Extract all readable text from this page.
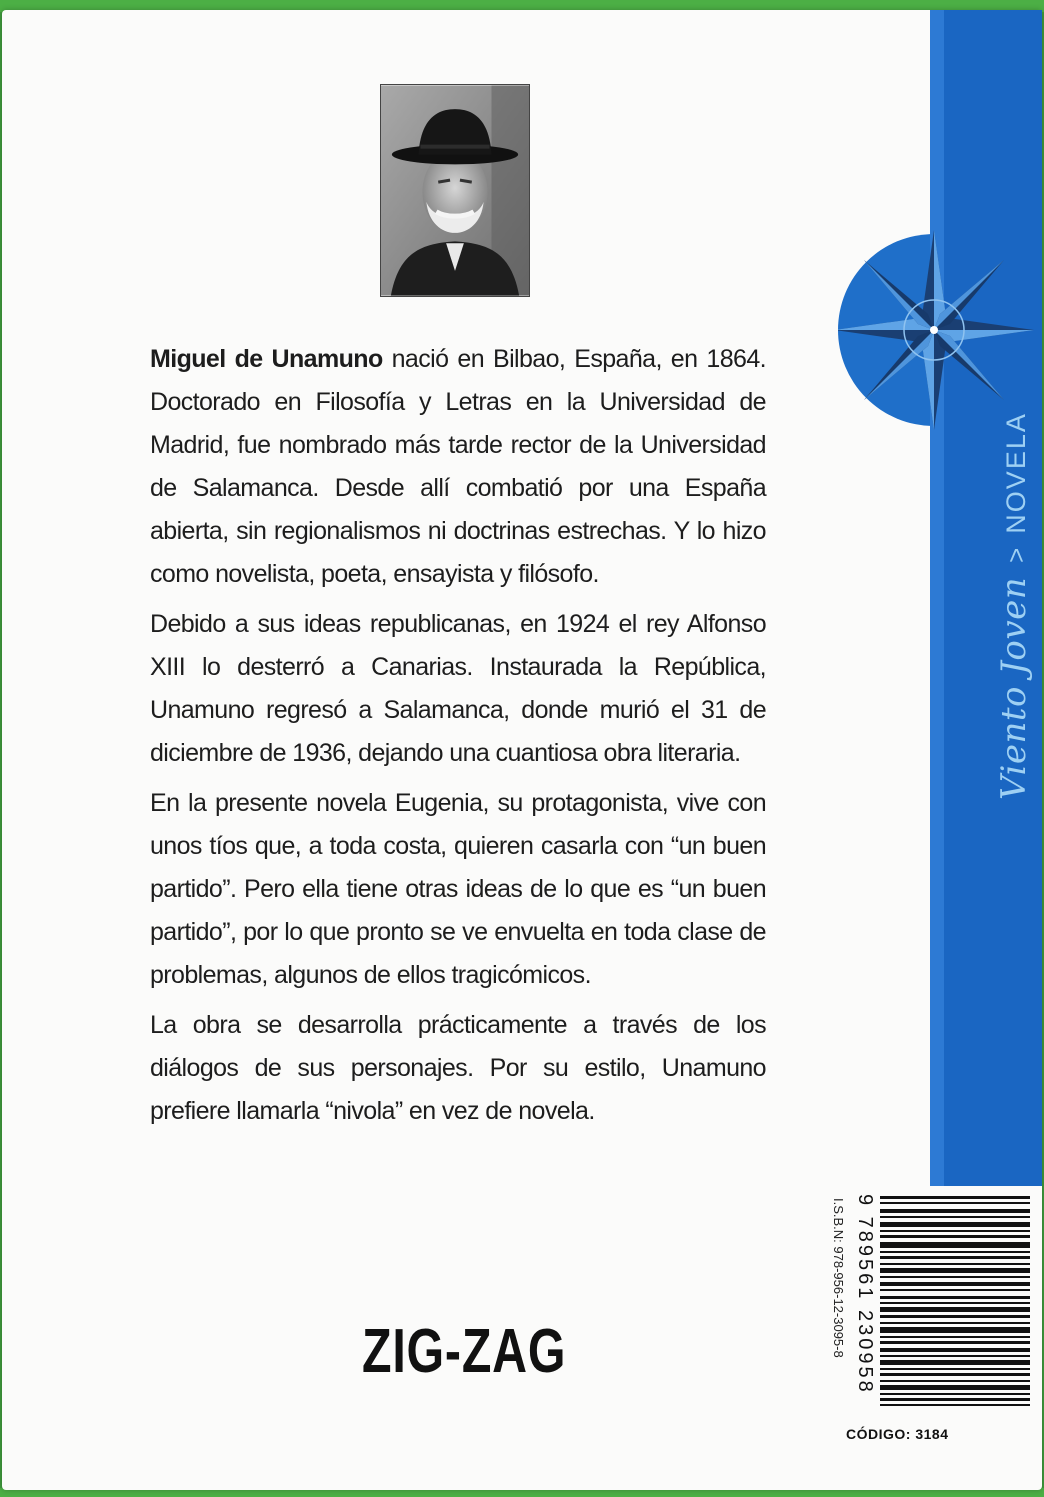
Viento Joven>NOVELA

Miguel de Unamuno nació en Bilbao, España, en 1864. Doctorado en Filosofía y Letras en la Universidad de Madrid, fue nombrado más tarde rector de la Universidad de Salamanca. Desde allí combatió por una España abierta, sin regionalismos ni doctrinas estrechas. Y lo hizo como novelista, poeta, ensayista y filósofo.

Debido a sus ideas republicanas, en 1924 el rey Alfonso XIII lo desterró a Canarias. Instaurada la República, Unamuno regresó a Salamanca, donde murió el 31 de diciembre de 1936, dejando una cuantiosa obra literaria.

En la presente novela Eugenia, su protagonista, vive con unos tíos que, a toda costa, quieren casarla con “un buen partido”. Pero ella tiene otras ideas de lo que es “un buen partido”, por lo que pronto se ve envuelta en toda clase de problemas, algunos de ellos tragicómicos.

La obra se desarrolla prácticamente a través de los diálogos de sus personajes. Por su estilo, Unamuno prefiere llamarla “nivola” en vez de novela.

ZIG-ZAG	9 789561 230958
I.S.B.N: 978-956-12-3095-8
CÓDIGO: 3184
